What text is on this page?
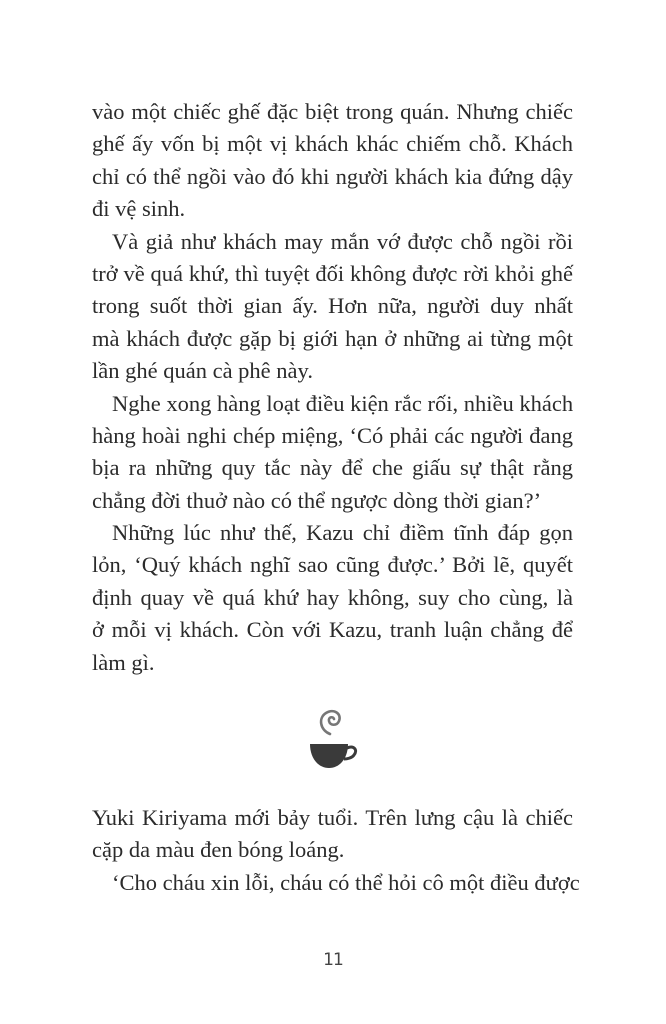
vào một chiếc ghế đặc biệt trong quán. Nhưng chiếc
ghế ấy vốn bị một vị khách khác chiếm chỗ. Khách
chỉ có thể ngồi vào đó khi người khách kia đứng dậy
đi vệ sinh.
Và giả như khách may mắn vớ được chỗ ngồi rồi
trở về quá khứ, thì tuyệt đối không được rời khỏi ghế
trong suốt thời gian ấy. Hơn nữa, người duy nhất
mà khách được gặp bị giới hạn ở những ai từng một
lần ghé quán cà phê này.
Nghe xong hàng loạt điều kiện rắc rối, nhiều khách
hàng hoài nghi chép miệng, ‘Có phải các người đang
bịa ra những quy tắc này để che giấu sự thật rằng
chẳng đời thuở nào có thể ngược dòng thời gian?’
Những lúc như thế, Kazu chỉ điềm tĩnh đáp gọn
lỏn, ‘Quý khách nghĩ sao cũng được.’ Bởi lẽ, quyết
định quay về quá khứ hay không, suy cho cùng, là
ở mỗi vị khách. Còn với Kazu, tranh luận chẳng để
làm gì.
Yuki Kiriyama mới bảy tuổi. Trên lưng cậu là chiếc
cặp da màu đen bóng loáng.
‘Cho cháu xin lỗi, cháu có thể hỏi cô một điều được
11
